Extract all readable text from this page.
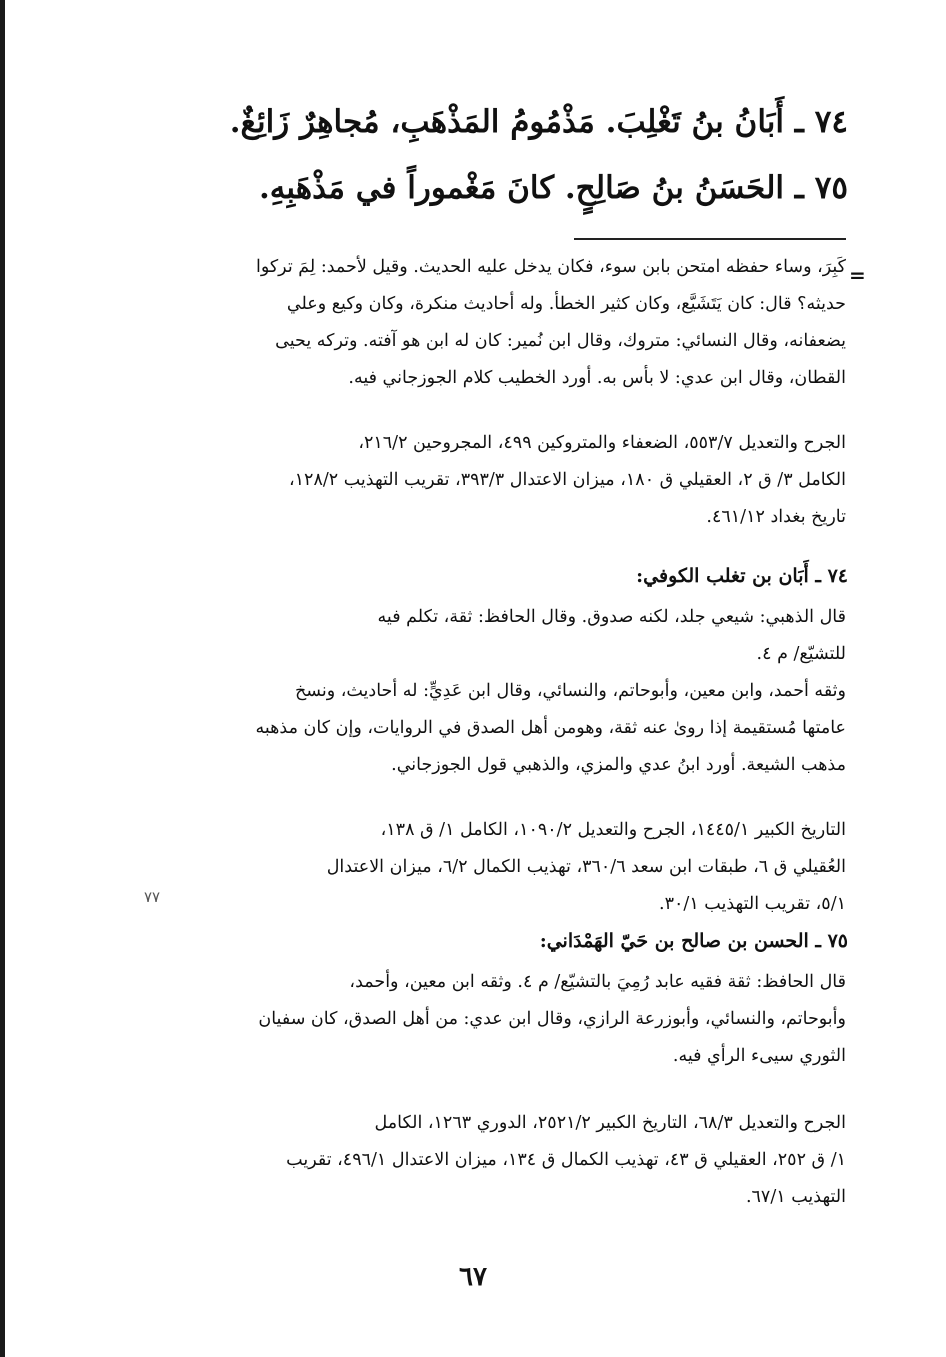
٧٤ ـ أَبَانُ بنُ تَغْلِبَ. مَذْمُومُ المَذْهَبِ، مُجاهِرٌ زَائِغٌ.
٧٥ ـ الحَسَنُ بنُ صَالِحٍ. كانَ مَغْموراً في مَذْهَبِهِ.
=
كَبِرَ، وساء حفظه امتحن بابن سوء، فكان يدخل عليه الحديث. وقيل لأحمد: لِمَ تركوا
حديثه؟ قال: كان يَتَشَيَّع، وكان كثير الخطأ. وله أحاديث منكرة، وكان وكيع وعلي
يضعفانه، وقال النسائي: متروك، وقال ابن نُمير: كان له ابن هو آفته. وتركه يحيى
القطان، وقال ابن عدي: لا بأس به. أورد الخطيب كلام الجوزجاني فيه.
الجرح والتعديل ٥٥٣/٧، الضعفاء والمتروكين ٤٩٩، المجروحين ٢١٦/٢،
الكامل ٣/ ق ٢، العقيلي ق ١٨٠، ميزان الاعتدال ٣٩٣/٣، تقريب التهذيب ١٢٨/٢،
تاريخ بغداد ٤٦١/١٢.
٧٤ ـ أَبَان بن تغلب الكوفي:
قال الذهبي: شيعي جلد، لكنه صدوق. وقال الحافظ: ثقة، تكلم فيه
للتشيّع/ م ٤.
وثقه أحمد، وابن معين، وأبوحاتم، والنسائي، وقال ابن عَدِيٍّ: له أحاديث، ونسخ
عامتها مُستقيمة إذا روىٰ عنه ثقة، وهومن أهل الصدق في الروايات، وإن كان مذهبه
مذهب الشيعة. أورد ابنُ عدي والمزي، والذهبي قول الجوزجاني.
التاريخ الكبير ١٤٤٥/١، الجرح والتعديل ١٠٩٠/٢، الكامل ١/ ق ١٣٨،
العُقيلي ق ٦، طبقات ابن سعد ٣٦٠/٦، تهذيب الكمال ٦/٢، ميزان الاعتدال
٥/١، تقريب التهذيب ٣٠/١.
٧٧
٧٥ ـ الحسن بن صالح بن حَيّ الهَمْدَاني:
قال الحافظ: ثقة فقيه عابد رُمِيَ بالتشيّع/ م ٤. وثقه ابن معين، وأحمد،
وأبوحاتم، والنسائي، وأبوزرعة الرازي، وقال ابن عدي: من أهل الصدق، كان سفيان
الثوري سيىء الرأي فيه.
الجرح والتعديل ٦٨/٣، التاريخ الكبير ٢٥٢١/٢، الدوري ١٢٦٣، الكامل
١/ ق ٢٥٢، العقيلي ق ٤٣، تهذيب الكمال ق ١٣٤، ميزان الاعتدال ٤٩٦/١، تقريب
التهذيب ٦٧/١.
٦٧
